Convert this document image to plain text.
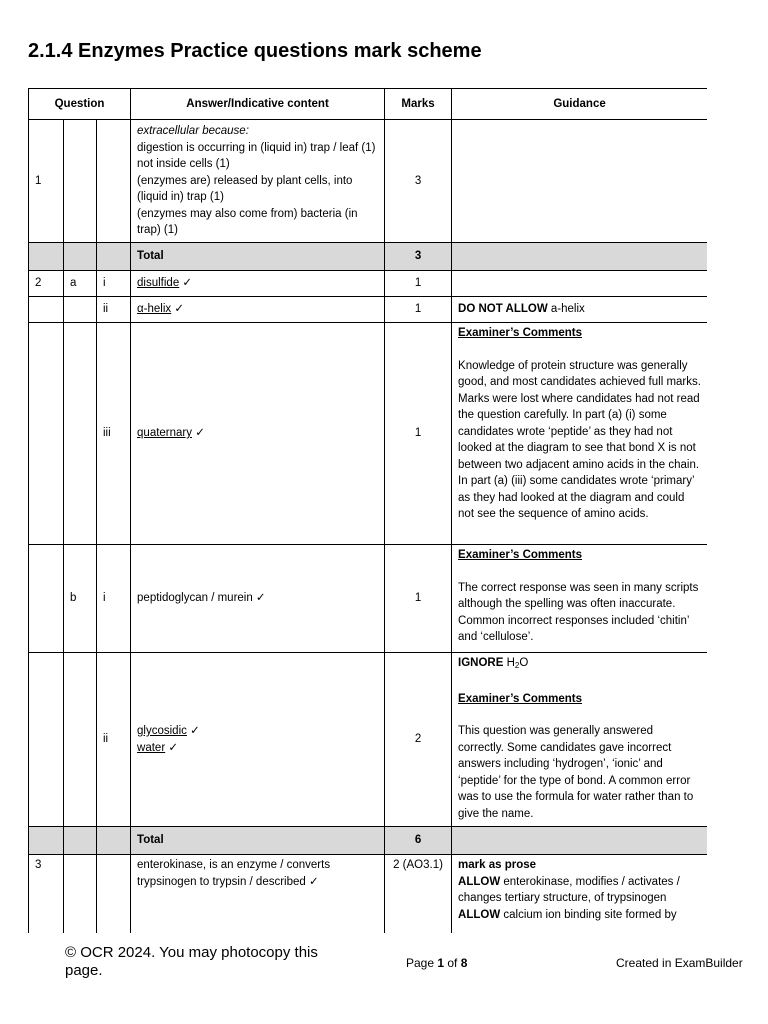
2.1.4 Enzymes Practice questions mark scheme
Question			Answer/Indicative content	Marks	Guidance
1			extracellular because:
digestion is occurring in (liquid in) trap / leaf (1) not inside cells (1)
(enzymes are) released by plant cells, into (liquid in) trap (1)
(enzymes may also come from) bacteria (in trap) (1)	3	
			Total	3	
2	a	i	disulfide ✓	1	
		ii	α-helix ✓	1	DO NOT ALLOW a-helix
		iii	quaternary ✓	1	Examiner’s Comments
Knowledge of protein structure was generally good, and most candidates achieved full marks. Marks were lost where candidates had not read the question carefully. In part (a) (i) some candidates wrote ‘peptide’ as they had not looked at the diagram to see that bond X is not between two adjacent amino acids in the chain. In part (a) (iii) some candidates wrote ‘primary’ as they had looked at the diagram and could not see the sequence of amino acids.

	b	i	peptidoglycan / murein ✓	1	Examiner’s Comments
The correct response was seen in many scripts although the spelling was often inaccurate. Common incorrect responses included ‘chitin’ and ‘cellulose’.

		ii	glycosidic ✓
water ✓	2	IGNORE $H_2O$
Examiner’s Comments
This question was generally answered correctly. Some candidates gave incorrect answers including ‘hydrogen’, ‘ionic’ and ‘peptide’ for the type of bond. A common error was to use the formula for water rather than to give the name.

			Total	6	
3			enterokinase, is an enzyme / converts trypsinogen to trypsin / described ✓	2 (AO3.1)	mark as prose
ALLOW enterokinase, modifies / activates / changes tertiary structure, of trypsinogen
ALLOW calcium ion binding site formed by
© OCR 2024. You may photocopy this page.	Page 1 of 8	Created in ExamBuilder
